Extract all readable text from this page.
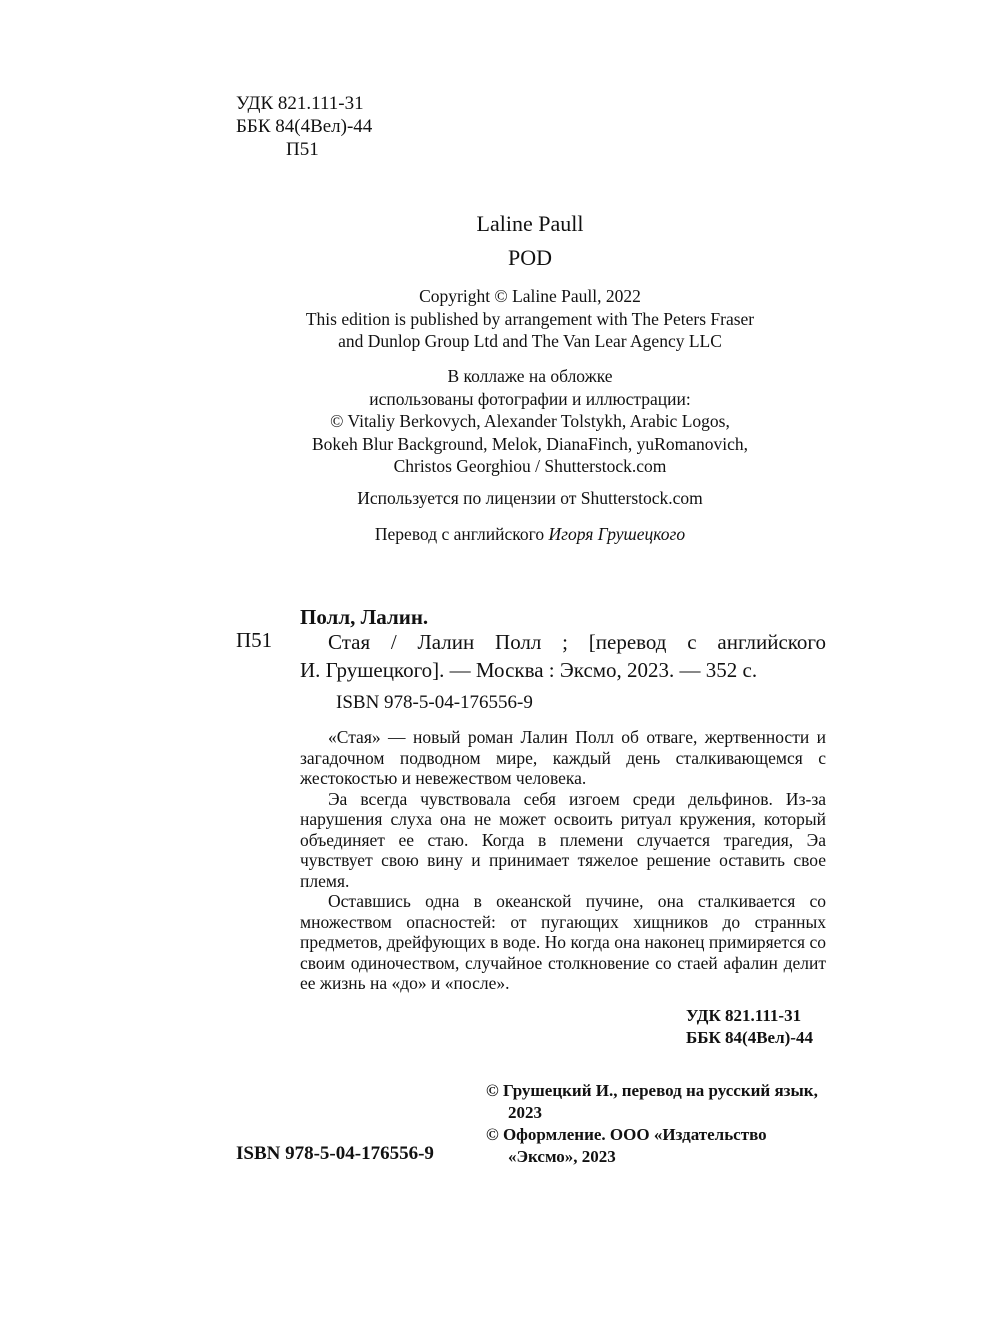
УДК 821.111-31
ББК 84(4Вел)-44
П51
Laline Paull
POD
Copyright © Laline Paull, 2022
This edition is published by arrangement with The Peters Fraser
and Dunlop Group Ltd and The Van Lear Agency LLC
В коллаже на обложке
использованы фотографии и иллюстрации:
© Vitaliy Berkovych, Alexander Tolstykh, Arabic Logos,
Bokeh Blur Background, Melok, DianaFinch, yuRomanovich,
Christos Georghiou / Shutterstock.com
Используется по лицензии от Shutterstock.com
Перевод с английского Игоря Грушецкого
Полл, Лалин.
П51	Стая / Лалин Полл ; [перевод с английского
И. Грушецкого]. — Москва : Эксмо, 2023. — 352 с.
ISBN 978-5-04-176556-9

«Стая» — новый роман Лалин Полл об отваге, жертвенности и загадочном подводном мире, каждый день сталкивающемся с жестокостью и невежеством человека.

Эа всегда чувствовала себя изгоем среди дельфинов. Из-за нарушения слуха она не может освоить ритуал кружения, который объединяет ее стаю. Когда в племени случается трагедия, Эа чувствует свою вину и принимает тяжелое решение оставить свое племя.

Оставшись одна в океанской пучине, она сталкивается со множеством опасностей: от пугающих хищников до странных предметов, дрейфующих в воде. Но когда она наконец примиряется со своим одиночеством, случайное столкновение со стаей афалин делит ее жизнь на «до» и «после».

УДК 821.111-31
ББК 84(4Вел)-44
© Грушецкий И., перевод на русский язык,
2023
© Оформление. ООО «Издательство
«Эксмо», 2023
ISBN 978-5-04-176556-9
